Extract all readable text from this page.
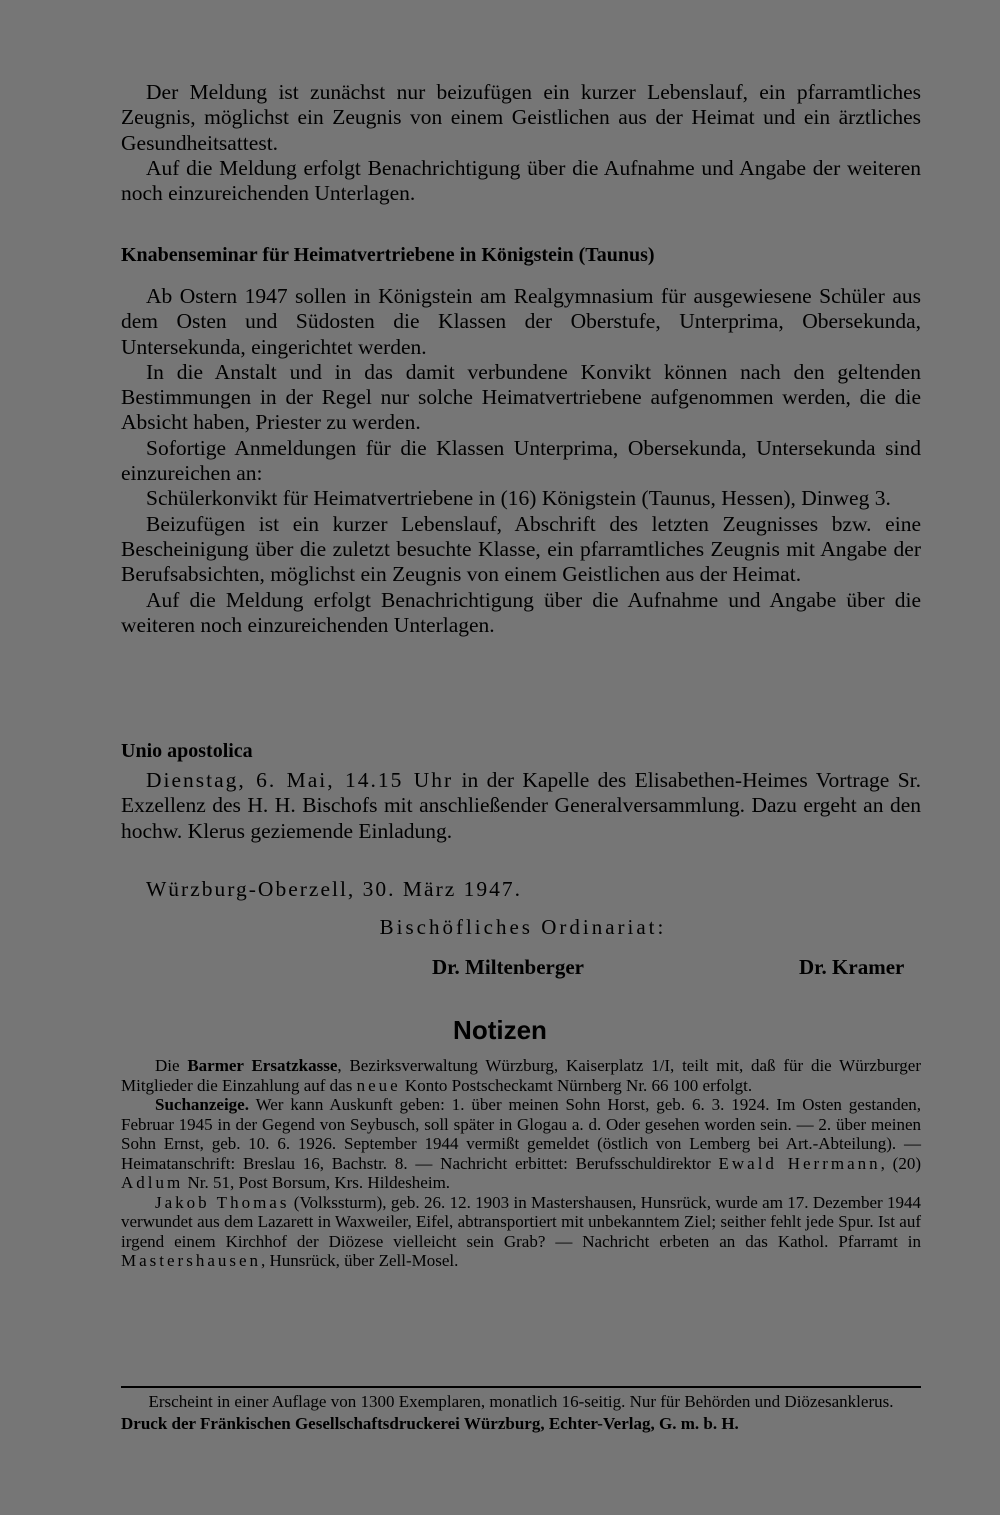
Der Meldung ist zunächst nur beizufügen ein kurzer Lebenslauf, ein pfarramtliches Zeugnis, möglichst ein Zeugnis von einem Geistlichen aus der Heimat und ein ärztliches Gesundheitsattest.

Auf die Meldung erfolgt Benachrichtigung über die Aufnahme und Angabe der weiteren noch einzureichenden Unterlagen.

Knabenseminar für Heimatvertriebene in Königstein (Taunus)

Ab Ostern 1947 sollen in Königstein am Realgymnasium für ausgewiesene Schüler aus dem Osten und Südosten die Klassen der Oberstufe, Unterprima, Obersekunda, Untersekunda, eingerichtet werden.

In die Anstalt und in das damit verbundene Konvikt können nach den geltenden Bestimmungen in der Regel nur solche Heimatvertriebene aufgenommen werden, die die Absicht haben, Priester zu werden.

Sofortige Anmeldungen für die Klassen Unterprima, Obersekunda, Untersekunda sind einzureichen an:

Schülerkonvikt für Heimatvertriebene in (16) Königstein (Taunus, Hessen), Dinweg 3.

Beizufügen ist ein kurzer Lebenslauf, Abschrift des letzten Zeugnisses bzw. eine Bescheinigung über die zuletzt besuchte Klasse, ein pfarramtliches Zeugnis mit Angabe der Berufsabsichten, möglichst ein Zeugnis von einem Geistlichen aus der Heimat.

Auf die Meldung erfolgt Benachrichtigung über die Aufnahme und Angabe über die weiteren noch einzureichenden Unterlagen.

Unio apostolica

Dienstag, 6. Mai, 14.15 Uhr in der Kapelle des Elisabethen-Heimes Vortrage Sr. Exzellenz des H. H. Bischofs mit anschließender Generalversammlung. Dazu ergeht an den hochw. Klerus geziemende Einladung.

Würzburg-Oberzell, 30. März 1947.

Bischöfliches Ordinariat:
Dr. Miltenberger	Dr. Kramer
Notizen

Die Barmer Ersatzkasse, Bezirksverwaltung Würzburg, Kaiserplatz 1/I, teilt mit, daß für die Würzburger Mitglieder die Einzahlung auf das neue Konto Postscheckamt Nürnberg Nr. 66 100 erfolgt.

Suchanzeige. Wer kann Auskunft geben: 1. über meinen Sohn Horst, geb. 6. 3. 1924. Im Osten gestanden, Februar 1945 in der Gegend von Seybusch, soll später in Glogau a. d. Oder gesehen worden sein. — 2. über meinen Sohn Ernst, geb. 10. 6. 1926. September 1944 vermißt gemeldet (östlich von Lemberg bei Art.-Abteilung). — Heimatanschrift: Breslau 16, Bachstr. 8. — Nachricht erbittet: Berufsschuldirektor Ewald Herrmann, (20) Adlum Nr. 51, Post Borsum, Krs. Hildesheim.

Jakob Thomas (Volkssturm), geb. 26. 12. 1903 in Mastershausen, Hunsrück, wurde am 17. Dezember 1944 verwundet aus dem Lazarett in Waxweiler, Eifel, abtransportiert mit unbekanntem Ziel; seither fehlt jede Spur. Ist auf irgend einem Kirchhof der Diözese vielleicht sein Grab? — Nachricht erbeten an das Kathol. Pfarramt in Mastershausen, Hunsrück, über Zell-Mosel.

Erscheint in einer Auflage von 1300 Exemplaren, monatlich 16-seitig. Nur für Behörden und Diözesanklerus.

Druck der Fränkischen Gesellschaftsdruckerei Würzburg, Echter-Verlag, G. m. b. H.
